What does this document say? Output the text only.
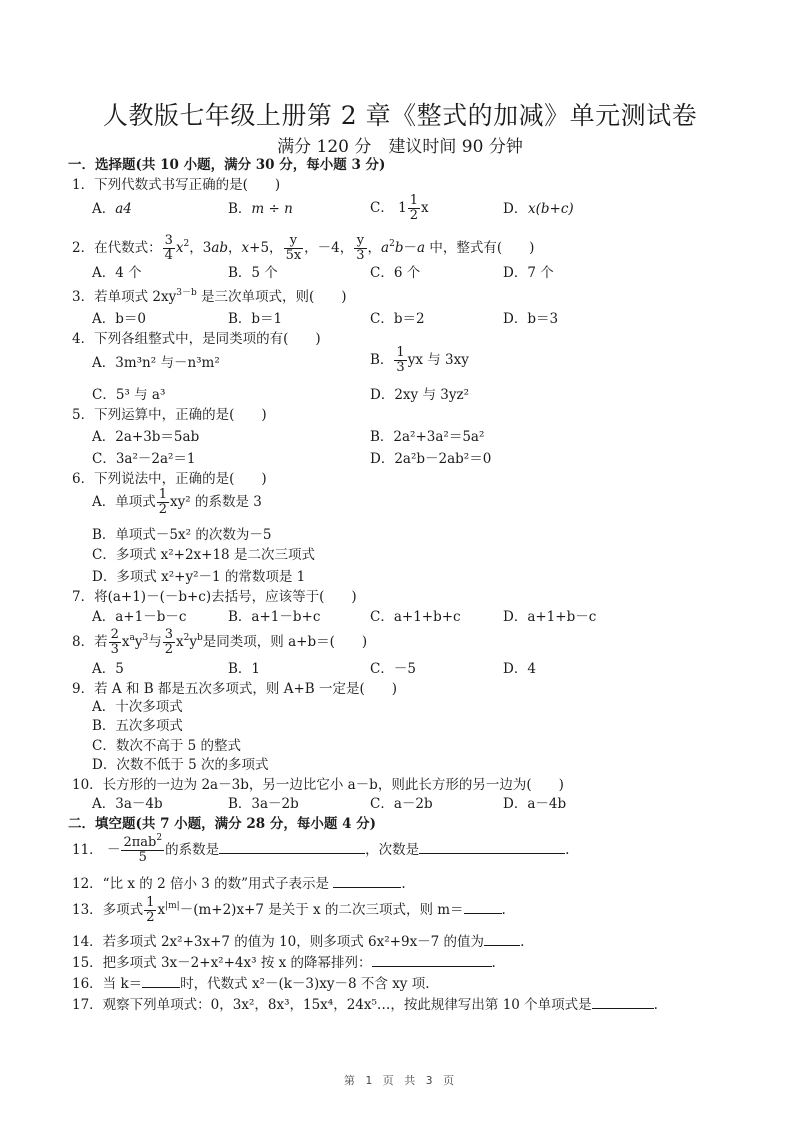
人教版七年级上册第 2 章《整式的加减》单元测试卷
满分 120 分　建议时间 90 分钟
一．选择题(共 10 小题，满分 30 分，每小题 3 分)
1．下列代数式书写正确的是(　　)
A．a4	B．m ÷ n	C． $1 \frac{1}{2}$ x	D． x(b+c)
2．在代数式： $\frac{3}{4} x^2$，3ab，x+5， $\frac{y}{5x}$ ，－4， $\frac{y}{3}$ ，$a^2b-a$ 中，整式有(　　)
A．4 个	B．5 个	C．6 个	D．7 个
3．若单项式 $2xy^{3-b}$ 是三次单项式，则(　　)
A．b＝0	B．b＝1	C．b＝2	D．b＝3
4．下列各组整式中，是同类项的有(　　)
A．3m³n² 与－n³m²	B． $\frac{1}{3}$ yx 与 3xy
C．5³ 与 a³	D．2xy 与 3yz²
5．下列运算中，正确的是(　　)
A．2a+3b＝5ab	B．2a²+3a²＝5a²
C．3a²－2a²＝1	D．2a²b－2ab²＝0
6．下列说法中，正确的是(　　)
A．单项式 $\frac{1}{2} xy^2$ 的系数是 3
B．单项式－5x² 的次数为－5
C．多项式 x²+2x+18 是二次三项式
D．多项式 x²+y²－1 的常数项是 1
7．将(a+1)－(－b+c)去括号，应该等于(　　)
A．a+1－b－c	B．a+1－b+c	C．a+1+b+c	D．a+1+b－c
8．若 $\frac{2}{3} x^ay^3$与 $\frac{3}{2} x^2y^b$是同类项，则 a+b＝(　　)
A．5	B．1	C．－5	D．4
9．若 A 和 B 都是五次多项式，则 A+B 一定是(　　)
A．十次多项式
B．五次多项式
C．数次不高于 5 的整式
D．次数不低于 5 次的多项式
10．长方形的一边为 2a－3b，另一边比它小 a－b，则此长方形的另一边为(　　)
A．3a－4b	B．3a－2b	C．a－2b	D．a－4b
二．填空题(共 7 小题，满分 28 分，每小题 4 分)
11． － $\frac{2\pi ab^2}{5}$ 的系数是	，次数是	.
12．“比 x 的 2 倍小 3 的数”用式子表示是	.
13．多项式 $\frac{1}{2} x^{|m|}-(m+2)x+7$ 是关于 x 的二次三项式，则 m＝	.
14．若多项式 2x²+3x+7 的值为 10，则多项式 6x²+9x－7 的值为	.
15．把多项式 3x－2+x²+4x³ 按 x 的降幂排列：	.
16．当 k＝	时，代数式 x²－(k－3)xy－8 不含 xy 项.
17．观察下列单项式：0，3x²，8x³，15x⁴，24x⁵…，按此规律写出第 10 个单项式是	.
第 1 页 共 3 页
